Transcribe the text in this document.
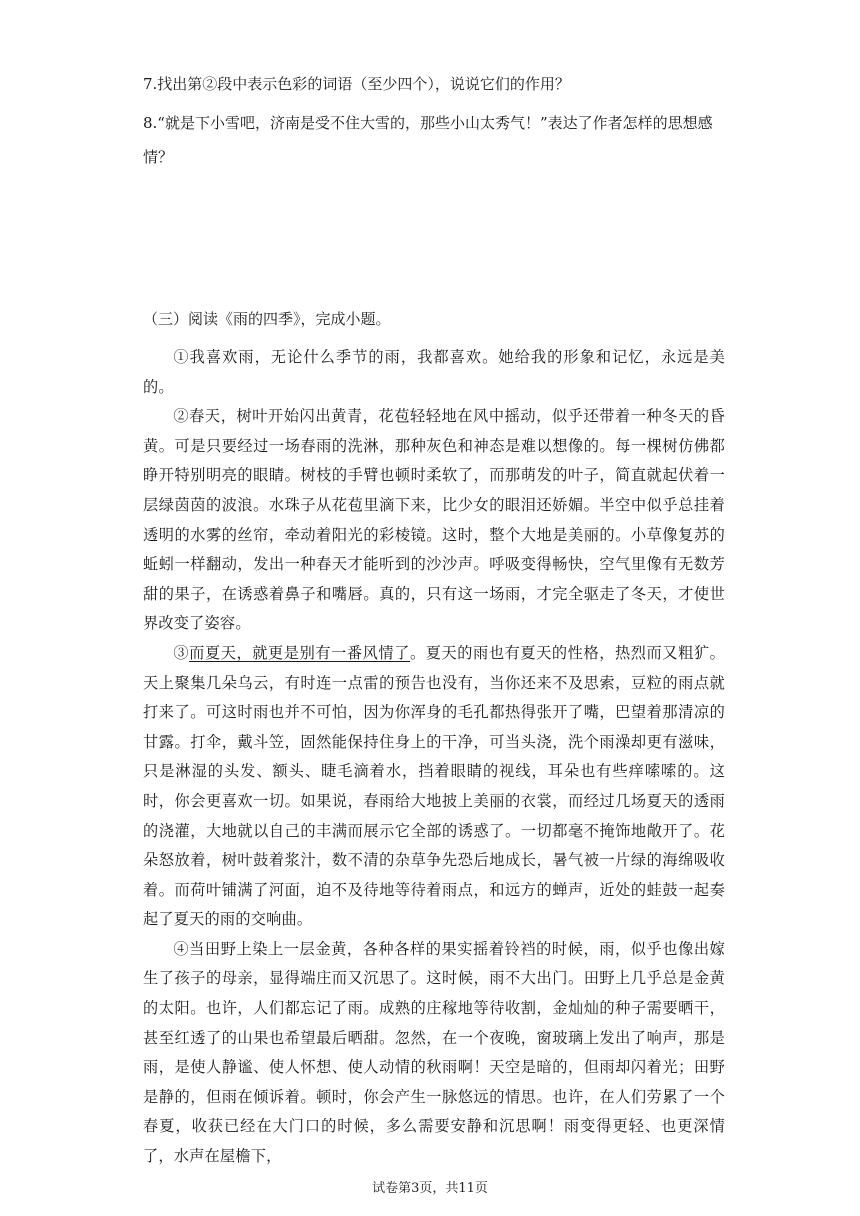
7.找出第②段中表示色彩的词语（至少四个），说说它们的作用？

8.“就是下小雪吧，济南是受不住大雪的，那些小山太秀气！”表达了作者怎样的思想感情？

（三）阅读《雨的四季》，完成小题。

①我喜欢雨，无论什么季节的雨，我都喜欢。她给我的形象和记忆，永远是美的。

②春天，树叶开始闪出黄青，花苞轻轻地在风中摇动，似乎还带着一种冬天的昏黄。可是只要经过一场春雨的洗淋，那种灰色和神态是难以想像的。每一棵树仿佛都睁开特别明亮的眼睛。树枝的手臂也顿时柔软了，而那萌发的叶子，简直就起伏着一层绿茵茵的波浪。水珠子从花苞里滴下来，比少女的眼泪还娇媚。半空中似乎总挂着透明的水雾的丝帘，牵动着阳光的彩棱镜。这时，整个大地是美丽的。小草像复苏的蚯蚓一样翻动，发出一种春天才能听到的沙沙声。呼吸变得畅快，空气里像有无数芳甜的果子，在诱惑着鼻子和嘴唇。真的，只有这一场雨，才完全驱走了冬天，才使世界改变了姿容。

③而夏天，就更是别有一番风情了。夏天的雨也有夏天的性格，热烈而又粗犷。天上聚集几朵乌云，有时连一点雷的预告也没有，当你还来不及思索，豆粒的雨点就打来了。可这时雨也并不可怕，因为你浑身的毛孔都热得张开了嘴，巴望着那清凉的甘露。打伞，戴斗笠，固然能保持住身上的干净，可当头浇，洗个雨澡却更有滋味，只是淋湿的头发、额头、睫毛滴着水，挡着眼睛的视线，耳朵也有些痒嗦嗦的。这时，你会更喜欢一切。如果说，春雨给大地披上美丽的衣裳，而经过几场夏天的透雨的浇灌，大地就以自己的丰满而展示它全部的诱惑了。一切都毫不掩饰地敞开了。花朵怒放着，树叶鼓着浆汁，数不清的杂草争先恐后地成长，暑气被一片绿的海绵吸收着。而荷叶铺满了河面，迫不及待地等待着雨点，和远方的蝉声，近处的蛙鼓一起奏起了夏天的雨的交响曲。

④当田野上染上一层金黄，各种各样的果实摇着铃裆的时候，雨，似乎也像出嫁生了孩子的母亲，显得端庄而又沉思了。这时候，雨不大出门。田野上几乎总是金黄的太阳。也许，人们都忘记了雨。成熟的庄稼地等待收割，金灿灿的种子需要晒干，甚至红透了的山果也希望最后晒甜。忽然，在一个夜晚，窗玻璃上发出了响声，那是雨，是使人静谧、使人怀想、使人动情的秋雨啊！天空是暗的，但雨却闪着光；田野是静的，但雨在倾诉着。顿时，你会产生一脉悠远的情思。也许，在人们劳累了一个春夏，收获已经在大门口的时候，多么需要安静和沉思啊！雨变得更轻、也更深情了，水声在屋檐下，

试卷第3页，共11页
